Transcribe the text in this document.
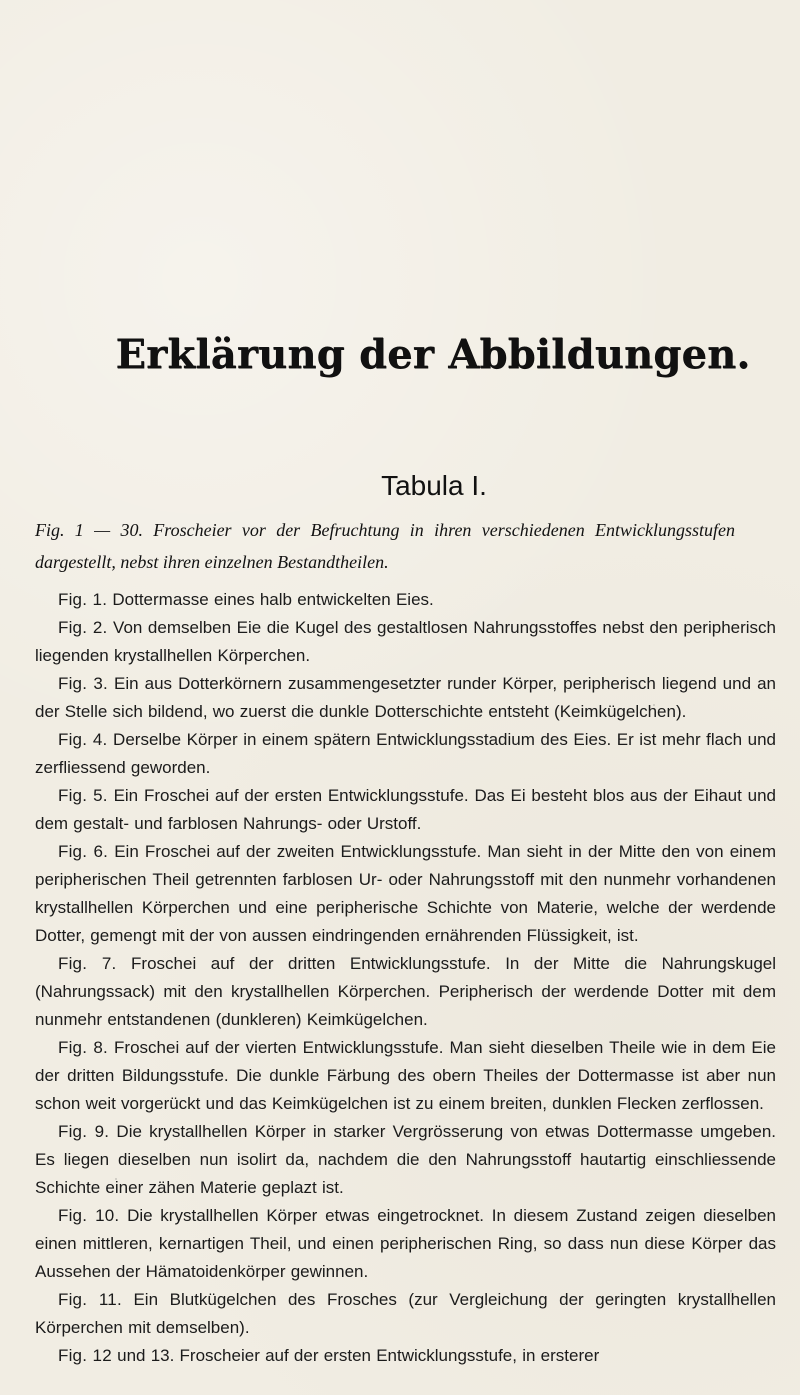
Erklärung der Abbildungen.
Tabula I.

Fig. 1 — 30. Froscheier vor der Befruchtung in ihren verschiedenen Entwicklungsstufen dargestellt, nebst ihren einzelnen Bestandtheilen.

Fig. 1. Dottermasse eines halb entwickelten Eies.

Fig. 2. Von demselben Eie die Kugel des gestaltlosen Nahrungsstoffes nebst den peripherisch liegenden krystallhellen Körperchen.

Fig. 3. Ein aus Dotterkörnern zusammengesetzter runder Körper, peripherisch liegend und an der Stelle sich bildend, wo zuerst die dunkle Dotterschichte entsteht (Keimkügelchen).

Fig. 4. Derselbe Körper in einem spätern Entwicklungsstadium des Eies. Er ist mehr flach und zerfliessend geworden.

Fig. 5. Ein Froschei auf der ersten Entwicklungsstufe. Das Ei besteht blos aus der Eihaut und dem gestalt- und farblosen Nahrungs- oder Urstoff.

Fig. 6. Ein Froschei auf der zweiten Entwicklungsstufe. Man sieht in der Mitte den von einem peripherischen Theil getrennten farblosen Ur- oder Nahrungsstoff mit den nunmehr vorhandenen krystallhellen Körperchen und eine peripherische Schichte von Materie, welche der werdende Dotter, gemengt mit der von aussen eindringenden ernährenden Flüssigkeit, ist.

Fig. 7. Froschei auf der dritten Entwicklungsstufe. In der Mitte die Nahrungskugel (Nahrungssack) mit den krystallhellen Körperchen. Peripherisch der werdende Dotter mit dem nunmehr entstandenen (dunkleren) Keimkügelchen.

Fig. 8. Froschei auf der vierten Entwicklungsstufe. Man sieht dieselben Theile wie in dem Eie der dritten Bildungsstufe. Die dunkle Färbung des obern Theiles der Dottermasse ist aber nun schon weit vorgerückt und das Keimkügelchen ist zu einem breiten, dunklen Flecken zerflossen.

Fig. 9. Die krystallhellen Körper in starker Vergrösserung von etwas Dottermasse umgeben. Es liegen dieselben nun isolirt da, nachdem die den Nahrungsstoff hautartig einschliessende Schichte einer zähen Materie geplazt ist.

Fig. 10. Die krystallhellen Körper etwas eingetrocknet. In diesem Zustand zeigen dieselben einen mittleren, kernartigen Theil, und einen peripherischen Ring, so dass nun diese Körper das Aussehen der Hämatoidenkörper gewinnen.

Fig. 11. Ein Blutkügelchen des Frosches (zur Vergleichung der geringten krystallhellen Körperchen mit demselben).

Fig. 12 und 13. Froscheier auf der ersten Entwicklungsstufe, in ersterer
